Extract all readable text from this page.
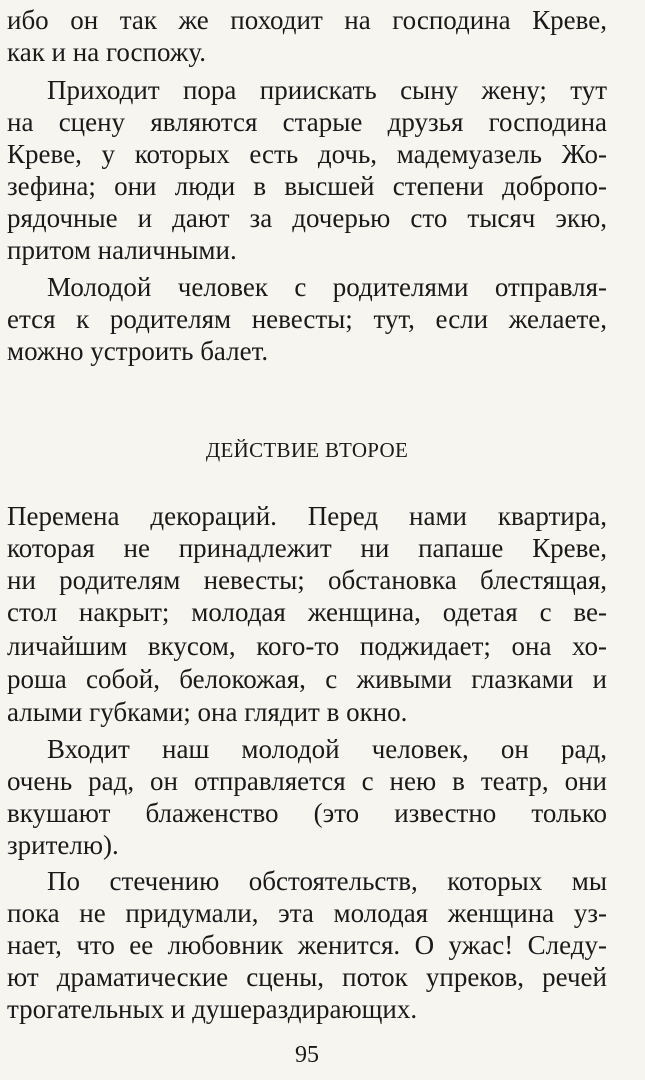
ибо он так же походит на господина Креве,

как и на госпожу.

Приходит пора приискать сыну жену; тут

на сцену являются старые друзья господина

Креве, у которых есть дочь, мадемуазель Жо-

зефина; они люди в высшей степени добропо-

рядочные и дают за дочерью сто тысяч экю,

притом наличными.

Молодой человек с родителями отправля-

ется к родителям невесты; тут, если желаете,

можно устроить балет.

ДЕЙСТВИЕ ВТОРОЕ

Перемена декораций. Перед нами квартира,

которая не принадлежит ни папаше Креве,

ни родителям невесты; обстановка блестящая,

стол накрыт; молодая женщина, одетая с ве-

личайшим вкусом, кого-то поджидает; она хо-

роша собой, белокожая, с живыми глазками и

алыми губками; она глядит в окно.

Входит наш молодой человек, он рад,

очень рад, он отправляется с нею в театр, они

вкушают блаженство (это известно только

зрителю).

По стечению обстоятельств, которых мы

пока не придумали, эта молодая женщина уз-

нает, что ее любовник женится. О ужас! Следу-

ют драматические сцены, поток упреков, речей

трогательных и душераздирающих.

95
